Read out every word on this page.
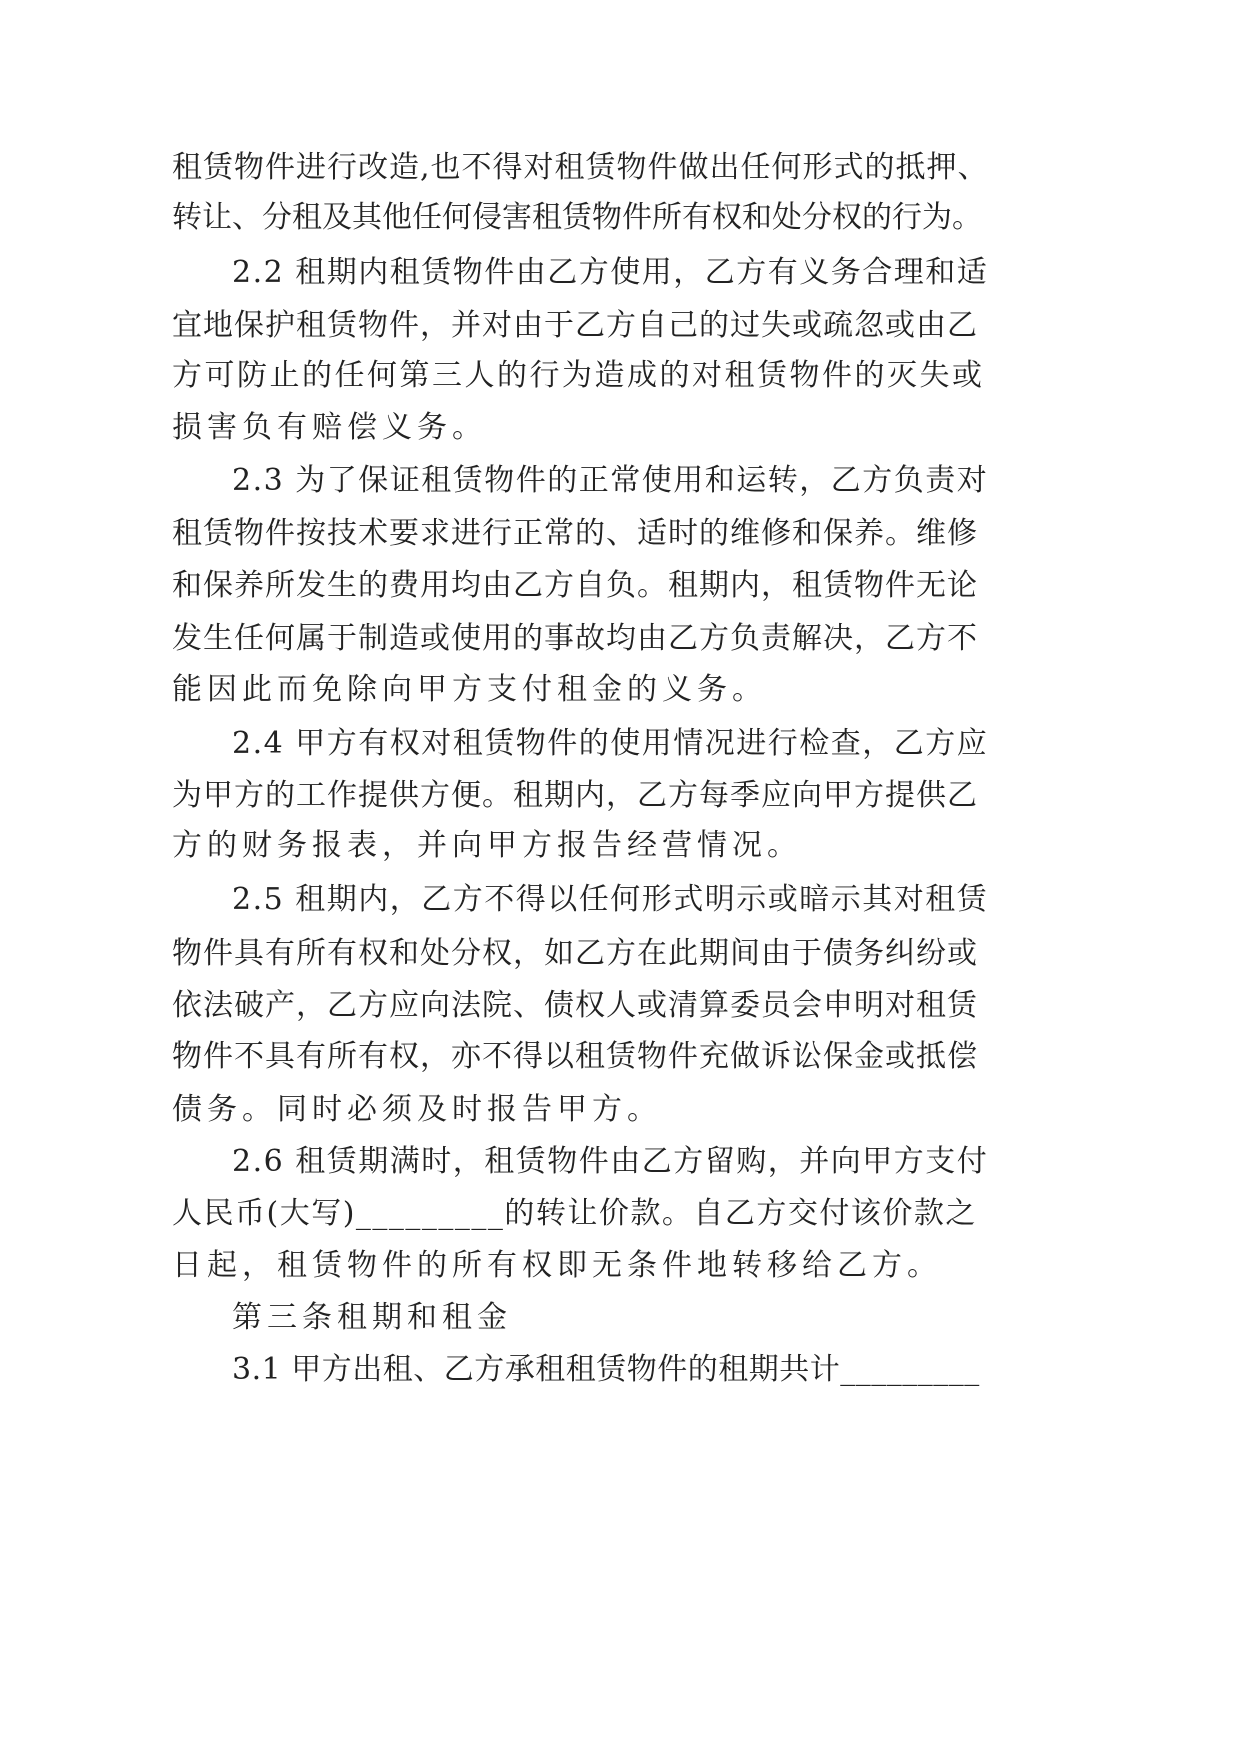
租赁物件进行改造,也不得对租赁物件做出任何形式的抵押、
转让、分租及其他任何侵害租赁物件所有权和处分权的行为。
2.2 租期内租赁物件由乙方使用，乙方有义务合理和适
宜地保护租赁物件，并对由于乙方自己的过失或疏忽或由乙
方可防止的任何第三人的行为造成的对租赁物件的灭失或
损害负有赔偿义务。
2.3 为了保证租赁物件的正常使用和运转，乙方负责对
租赁物件按技术要求进行正常的、适时的维修和保养。维修
和保养所发生的费用均由乙方自负。租期内，租赁物件无论
发生任何属于制造或使用的事故均由乙方负责解决，乙方不
能因此而免除向甲方支付租金的义务。
2.4 甲方有权对租赁物件的使用情况进行检查，乙方应
为甲方的工作提供方便。租期内，乙方每季应向甲方提供乙
方的财务报表，并向甲方报告经营情况。
2.5 租期内，乙方不得以任何形式明示或暗示其对租赁
物件具有所有权和处分权，如乙方在此期间由于债务纠纷或
依法破产，乙方应向法院、债权人或清算委员会申明对租赁
物件不具有所有权，亦不得以租赁物件充做诉讼保金或抵偿
债务。同时必须及时报告甲方。
2.6 租赁期满时，租赁物件由乙方留购，并向甲方支付
人民币(大写)_________的转让价款。自乙方交付该价款之
日起，租赁物件的所有权即无条件地转移给乙方。
第三条租期和租金
3.1 甲方出租、乙方承租租赁物件的租期共计_________
